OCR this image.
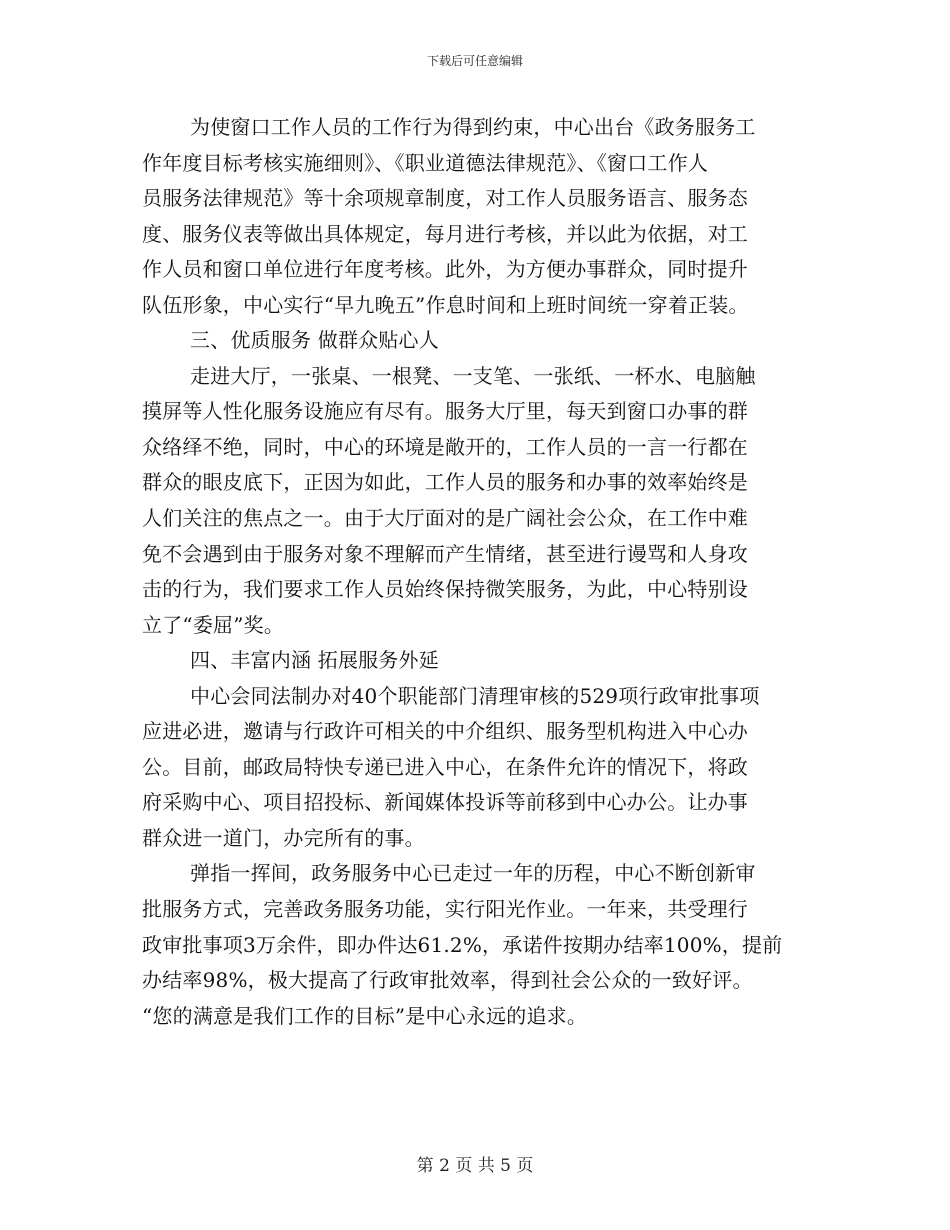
下载后可任意编辑
为使窗口工作人员的工作行为得到约束，中心出台《政务服务工
作年度目标考核实施细则》、《职业道德法律规范》、《窗口工作人
员服务法律规范》等十余项规章制度，对工作人员服务语言、服务态
度、服务仪表等做出具体规定，每月进行考核，并以此为依据，对工
作人员和窗口单位进行年度考核。此外，为方便办事群众，同时提升
队伍形象，中心实行“早九晚五”作息时间和上班时间统一穿着正装。
三、优质服务 做群众贴心人
走进大厅，一张桌、一根凳、一支笔、一张纸、一杯水、电脑触
摸屏等人性化服务设施应有尽有。服务大厅里，每天到窗口办事的群
众络绎不绝，同时，中心的环境是敞开的，工作人员的一言一行都在
群众的眼皮底下，正因为如此，工作人员的服务和办事的效率始终是
人们关注的焦点之一。由于大厅面对的是广阔社会公众，在工作中难
免不会遇到由于服务对象不理解而产生情绪，甚至进行谩骂和人身攻
击的行为，我们要求工作人员始终保持微笑服务，为此，中心特别设
立了“委屈”奖。
四、丰富内涵 拓展服务外延
中心会同法制办对40个职能部门清理审核的529项行政审批事项
应进必进，邀请与行政许可相关的中介组织、服务型机构进入中心办
公。目前，邮政局特快专递已进入中心，在条件允许的情况下，将政
府采购中心、项目招投标、新闻媒体投诉等前移到中心办公。让办事
群众进一道门，办完所有的事。
弹指一挥间，政务服务中心已走过一年的历程，中心不断创新审
批服务方式，完善政务服务功能，实行阳光作业。一年来，共受理行
政审批事项3万余件，即办件达61.2%，承诺件按期办结率100%，提前
办结率98%，极大提高了行政审批效率，得到社会公众的一致好评。
“您的满意是我们工作的目标”是中心永远的追求。
第 2 页 共 5 页
